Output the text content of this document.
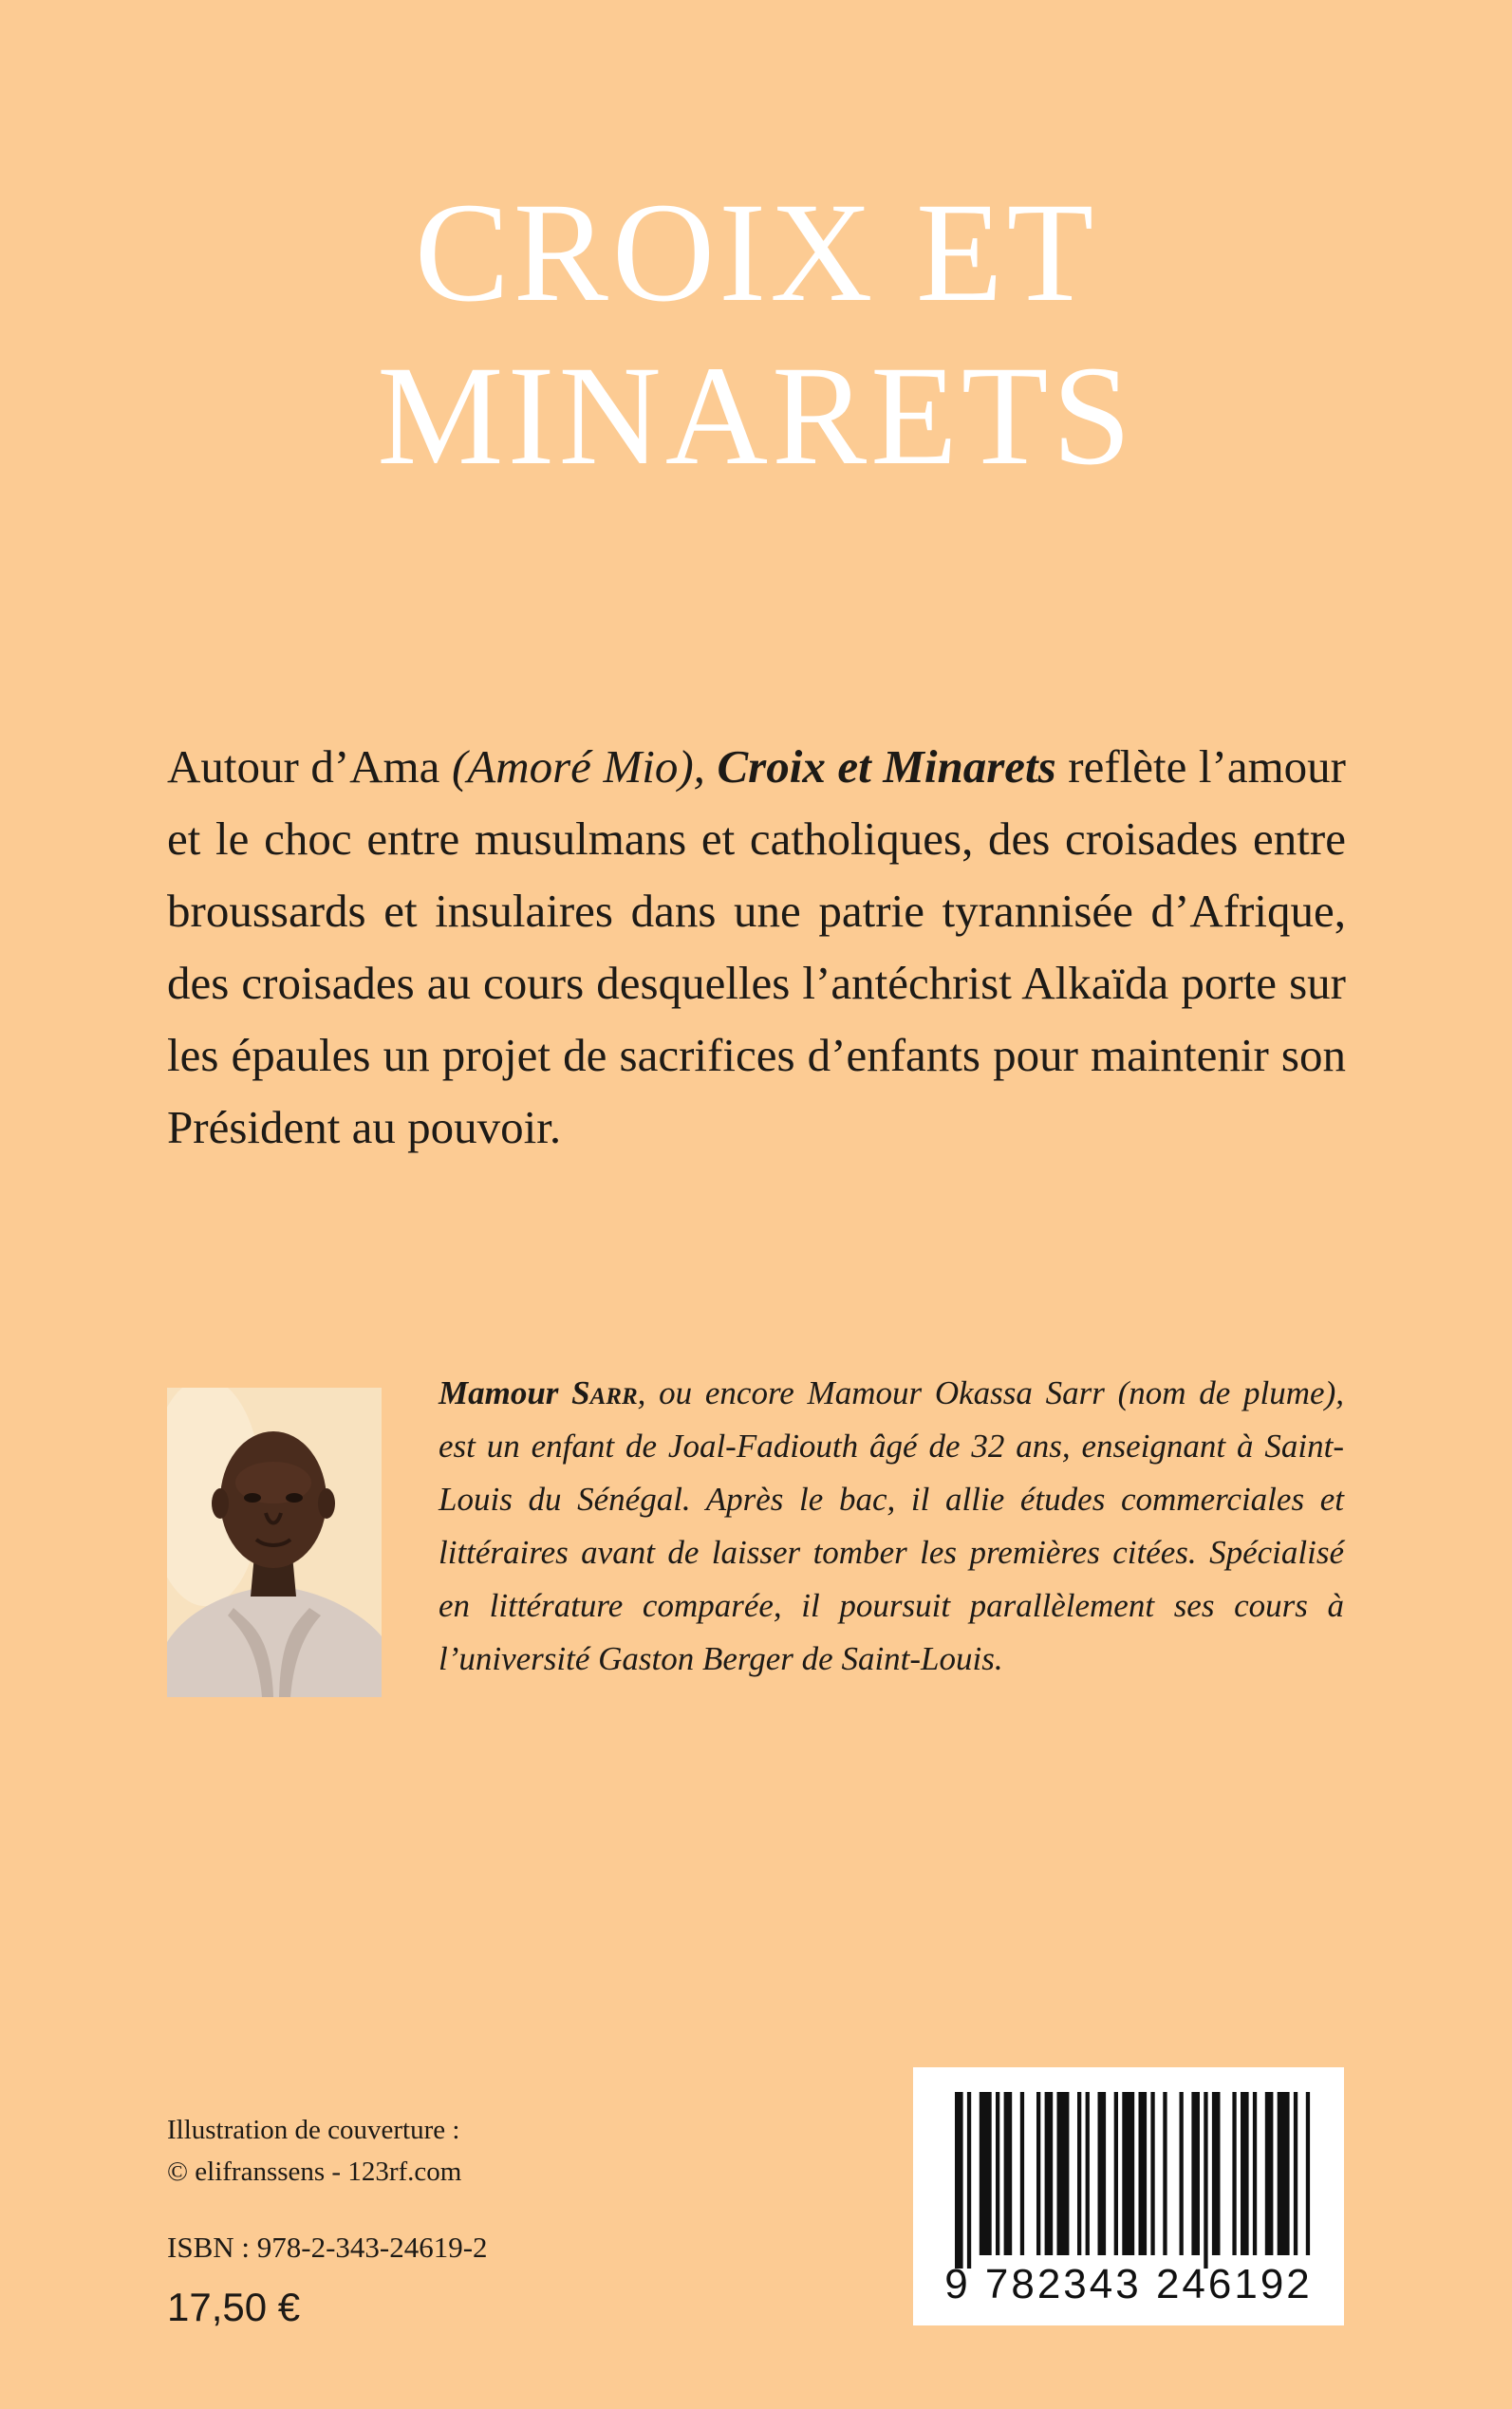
CROIX ET
MINARETS

Autour d’Ama (Amoré Mio), Croix et Minarets reflète l’amour et le choc entre musulmans et catholiques, des croisades entre broussards et insulaires dans une patrie tyrannisée d’Afrique, des croisades au cours desquelles l’antéchrist Alkaïda porte sur les épaules un projet de sacrifices d’enfants pour maintenir son Président au pouvoir.

Mamour Sarr, ou encore Mamour Okassa Sarr (nom de plume), est un enfant de Joal-Fadiouth âgé de 32 ans, enseignant à Saint-Louis du Sénégal. Après le bac, il allie études commerciales et littéraires avant de laisser tomber les premières citées. Spécialisé en littérature comparée, il poursuit parallèlement ses cours à l’université Gaston Berger de Saint-Louis.

Illustration de couverture :
© elifranssens - 123rf.com
ISBN : 978-2-343-24619-2
17,50 €	9 782343 246192
